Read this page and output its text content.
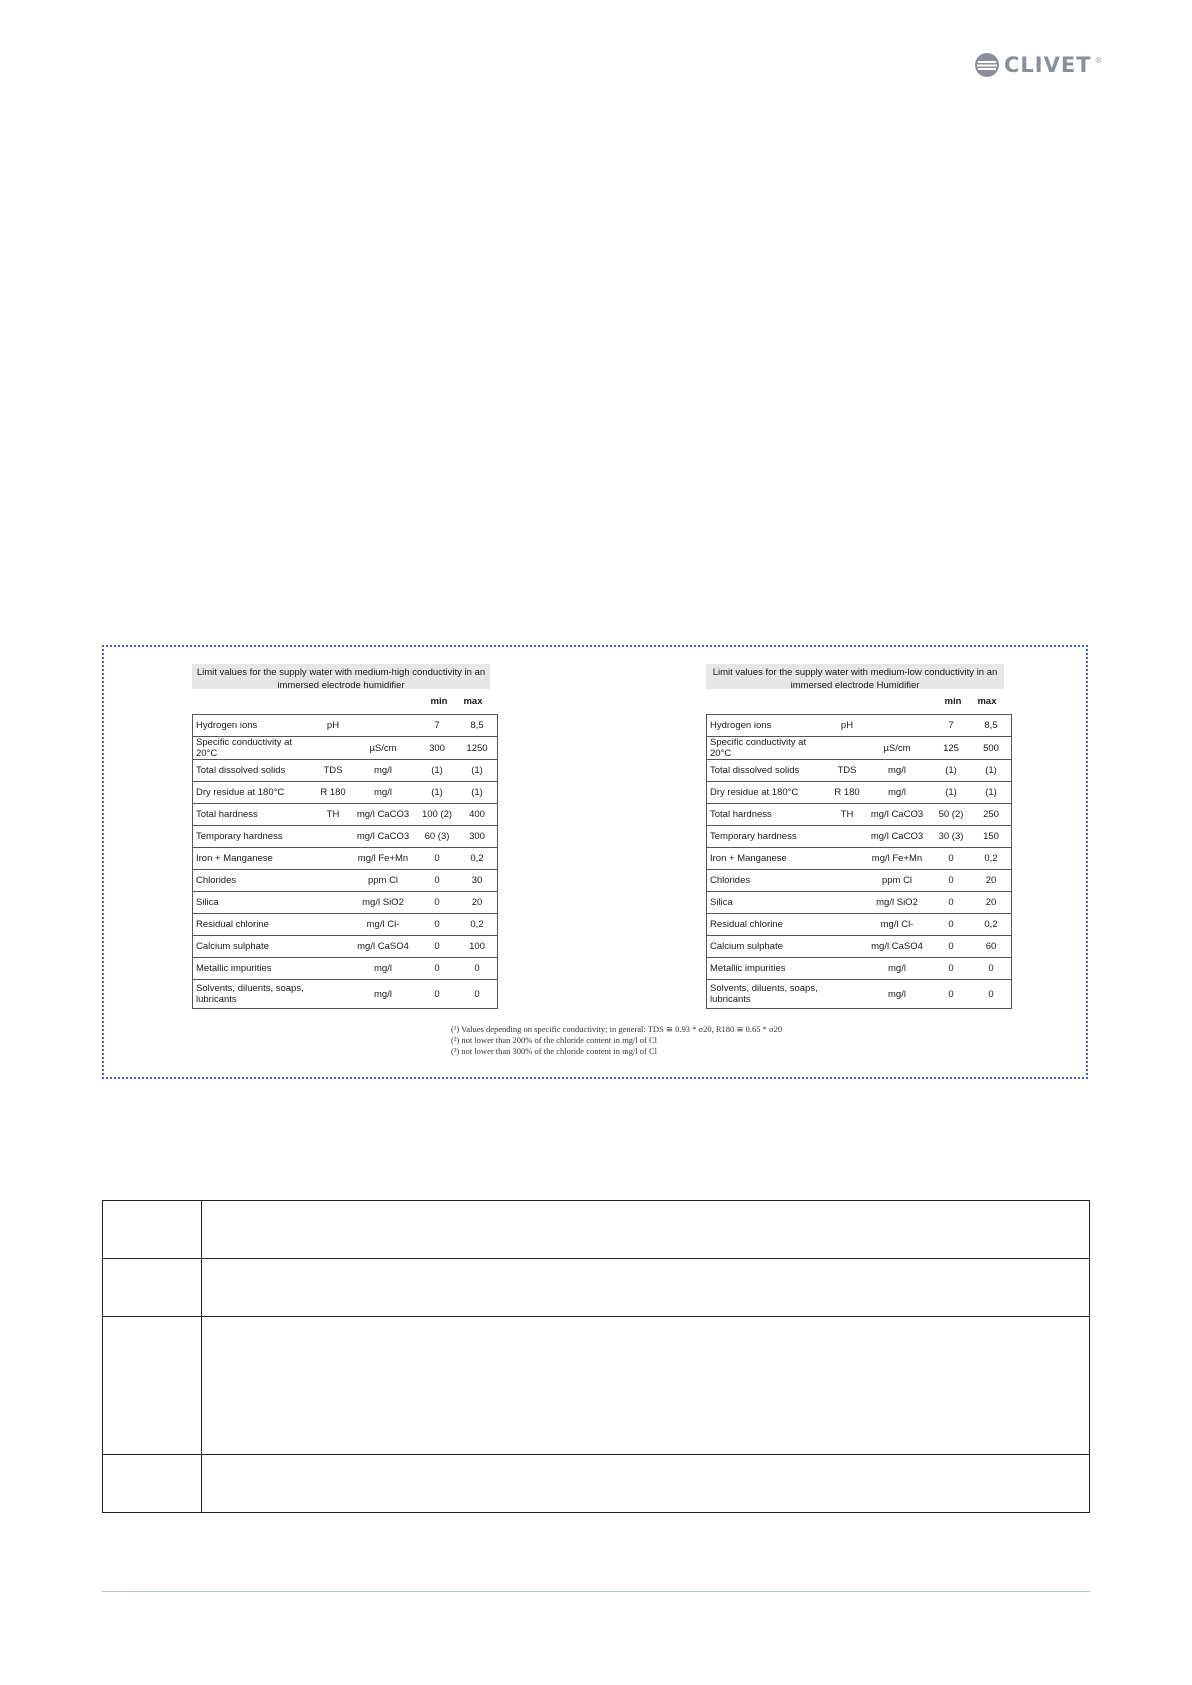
CLIVET ®
Limit values for the supply water with medium-high conductivity in an immersed electrode humidifier
min	max
Hydrogen ions	pH		7	8,5
Specific conductivity at 20°C		µS/cm	300	1250
Total dissolved solids	TDS	mg/l	(1)	(1)
Dry residue at 180°C	R 180	mg/l	(1)	(1)
Total hardness	TH	mg/l CaCO3	100 (2)	400
Temporary hardness		mg/l CaCO3	60 (3)	300
Iron + Manganese		mg/l Fe+Mn	0	0,2
Chlorides		ppm Cl	0	30
Silica		mg/l SiO2	0	20
Residual chlorine		mg/l Cl-	0	0,2
Calcium sulphate		mg/l CaSO4	0	100
Metallic impurities		mg/l	0	0
Solvents, diluents, soaps, lubricants		mg/l	0	0
Limit values for the supply water with medium-low conductivity in an immersed electrode Humidifier
min	max
Hydrogen ions	pH		7	8,5
Specific conductivity at 20°C		µS/cm	125	500
Total dissolved solids	TDS	mg/l	(1)	(1)
Dry residue at 180°C	R 180	mg/l	(1)	(1)
Total hardness	TH	mg/l CaCO3	50 (2)	250
Temporary hardness		mg/l CaCO3	30 (3)	150
Iron + Manganese		mg/l Fe+Mn	0	0,2
Chlorides		ppm Cl	0	20
Silica		mg/l SiO2	0	20
Residual chlorine		mg/l Cl-	0	0,2
Calcium sulphate		mg/l CaSO4	0	60
Metallic impurities		mg/l	0	0
Solvents, diluents, soaps, lubricants		mg/l	0	0
(¹) Values depending on specific conductivity; in general: TDS ≅ 0.93 * σ20, R180 ≅ 0.65 * σ20
(²) not lower than 200% of the chloride content in mg/l of Cl
(³) not lower than 300% of the chloride content in mg/l of Cl
